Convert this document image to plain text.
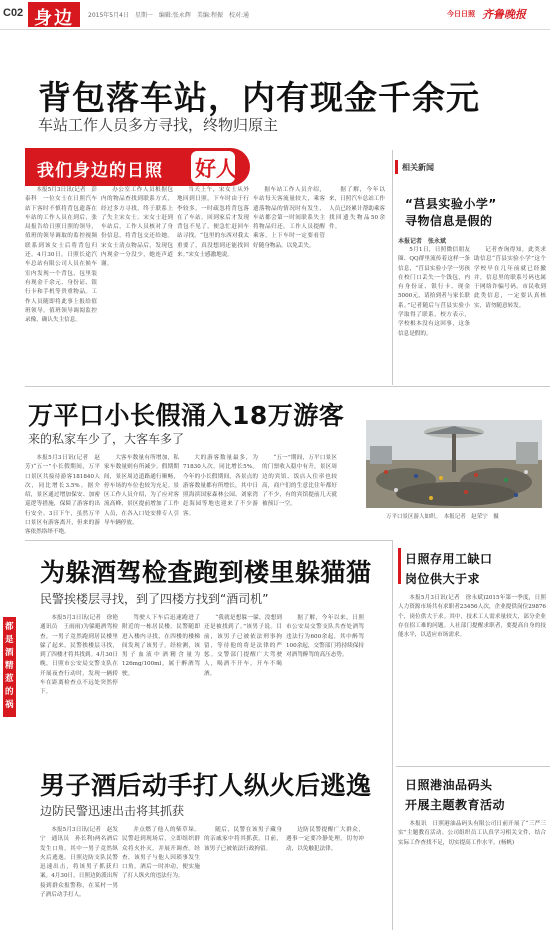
C02 身边 2015年5月4日　星期一　编辑:张永辉　美编:程振　校对:通	今日日照 齐鲁晚报
背包落车站，内有现金千余元
车站工作人员多方寻找，终物归原主
我们身边的日照 好人

本报5月3日讯(记者　彭泰科　一位女士在日照汽车站下客时不慎将背包遗落在车站的工作人员在到后，张局报告给日照日照的领导，值班的领导调取的监控视频联系到该女士后将背包归还。4月30日，日照长途汽车总站有限公司人员在候车室内发现一个背包，包里装有现金千余元、身份证、银行卡和手机等贵重物品。工作人员随即将此事上报给值班领导，值班领导调阅监控录像，确认失主信息。

办公室工作人员根据包内的物品查找到联系方式，经过多方寻找，终于联系上了失主宋女士。宋女士赶到车站后，工作人员核对了身份信息，将背包交还给她。宋女士清点物品后，发现包内现金一分没少，她连声道谢。

当天上午，宋女士从外地回到日照，下车时由于行李较多，一时疏忽将背包落在了车站。回到家后才发现背包不见了，便急忙赶回车站寻找。“包里的东西对我太重要了，真没想到还能找回来。”宋女士感激地说。

据车站工作人员介绍，车站每天客流量较大，乘客遗落物品的情况时有发生，车站都会第一时间联系失主将物品归还。工作人员提醒乘客，上下车时一定要看管好随身物品，以免丢失。

据了解，今年以来，日照汽车总站工作人员已经累计帮助乘客找回遗失物品50余件。

相关新闻
“莒县实验小学”
寻物信息是假的
本报记者　张永斌

5月1日，日照微信朋友圈、QQ群里流传着这样一条信息，“莒县实验小学一男孩在校门口丢失一个钱包，内有身份证、银行卡、现金5000元，请拾到者与家长联系。”记者随后与莒县实验小学取得了联系，校方表示，学校根本没有这回事，这条信息是假的。

记者查询得知，此类求助信息“莒县实验小学”这个学校早在几年前就已经撤并，信息里的联系号码也属于网络诈骗号码。市民收到此类信息，一定要认真核实，请勿随意转发。

万平口小长假涌入18万游客
来的私家车少了，大客车多了

本报5月3日讯(记者　赵芳)“五一”小长假期间，万平口景区共接待游客181840人次，同比增长3.5%。据介绍，景区通过增加保安、加密巡逻等措施，保障了游客的出行安全。3日下午，虽然万平口景区有游客离开，但来的游客依然络绎不绝。

大客车数量有所增加，私家车数量则有所减少。假期期间，景区周边道路通行顺畅，停车场的车位也较为充足。景区工作人员介绍，为了应对客流高峰，景区提前增加了工作人员，在各入口处安排专人引导车辆停放。

大的游客数量最多，为71830人次，同比增长5%。今年的小长假期间，各景点的游客数量都有所增长，其中日照海滨国家森林公园、刘家湾赶海园等地也迎来了不少游客。

“五一”期间，万平口景区的门票收入稳中有升，景区周边的宾馆、饭店入住率也较高，商户们的生意比往年都好了不少，有的宾馆提前几天就被预订一空。

万平口景区游人如织。　本报记者　赵荣宁　摄
为躲酒驾检查跑到楼里躲猫猫
民警挨楼层寻找，到了四楼方找到“酒司机”
都是酒精惹的祸

本报5月3日讯(记者　徐艳　通讯员　王雨雨)为躲避酒驾检查，一男子竟然跑到居民楼里躲了起来，民警挨楼层寻找，到了四楼才将其找到。4月30日晚，日照市公安局交警支队在开展夜查行动时，发现一辆轿车在距离检查点不远处突然停下。

驾驶人下车后迅速跑进了附近的一栋居民楼。民警随即进入楼内寻找，在四楼的楼梯间发现了该男子。经检测，该男子血液中酒精含量为126mg/100ml，属于醉酒驾驶。

“我就是想躲一躲，没想到还是被找到了。”该男子说。目前，该男子已被依法刑事拘留，等待他的将是法律的严惩。交警部门提醒广大驾驶人，喝酒不开车，开车不喝酒。

据了解，今年以来，日照市公安局交警支队共查处酒驾违法行为600余起，其中醉驾100余起，交警部门将持续保持对酒驾醉驾的高压态势。

男子酒后动手打人纵火后逃逸
边防民警迅速出击将其抓获

本报5月3日讯(记者　赵发宁　通讯员　孙长利)两名酒后发生口角，其中一男子竟然纵火后逃逸。日照边防支队民警迅速出击，将该男子抓获归案。4月30日，日照边防派出所接到群众报警称，在某村一男子酒后动手打人。

并点燃了他人的柴草垛。民警赶到现场后，立即组织群众将火扑灭，并展开调查。经查，该男子与他人因琐事发生口角，酒后一时冲动，便实施了打人纵火的违法行为。

随后，民警在该男子藏身的亲戚家中将其抓获。目前，该男子已被依法行政拘留。

边防民警提醒广大群众，遇事一定要冷静处理，切勿冲动，以免触犯法律。

日照存用工缺口
岗位供大于求

本报5月3日讯(记者　徐永斌)2015年第一季度，日照人力资源市场共有求职者23456人次，企业提供岗位29876个，岗位供大于求。其中，技术工人需求量较大，部分企业存在招工难的问题。人社部门提醒求职者，要提高自身的技能水平，以适应市场需求。

日照港油品码头
开展主题教育活动

本报讯　日照港油品码头有限公司日前开展了“三严三实”主题教育活动。公司组织员工认真学习相关文件，结合实际工作查找不足，切实提高工作水平。(杨帆)
